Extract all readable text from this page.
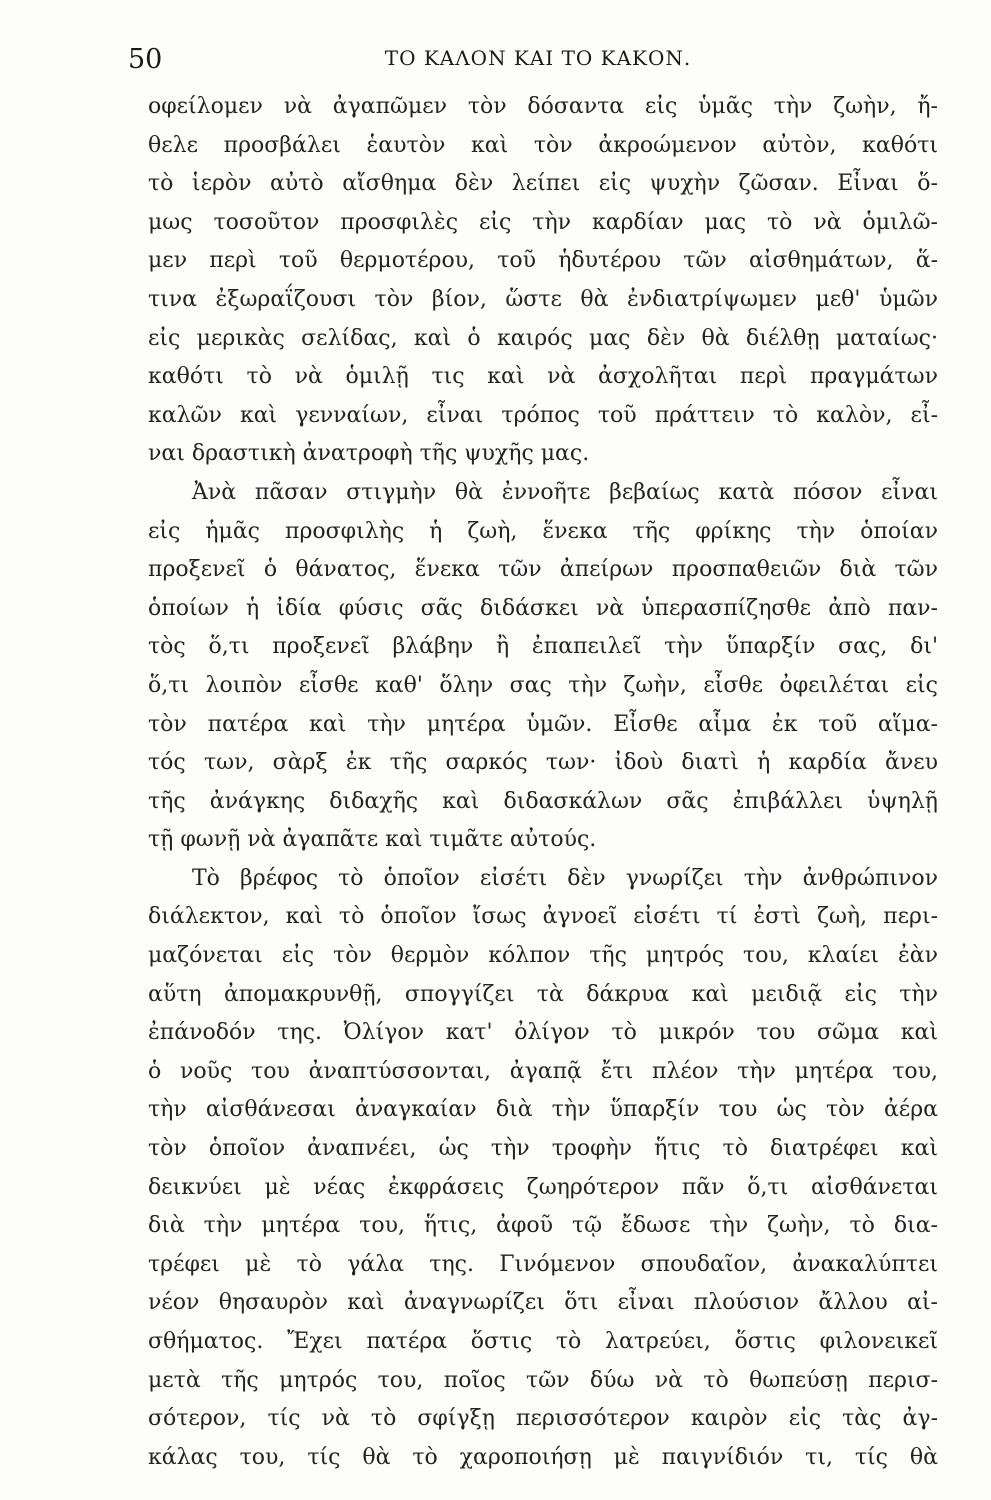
50	ΤΟ ΚΑΛΟΝ ΚΑΙ ΤΟ ΚΑΚΟΝ.
οφείλομεν νὰ ἀγαπῶμεν τὸν δόσαντα εἰς ὑμᾶς τὴν ζωὴν, ἤ-
θελε προσβάλει ἑαυτὸν καὶ τὸν ἀκροώμενον αὐτὸν, καθότι
τὸ ἱερὸν αὐτὸ αἴσθημα δὲν λείπει εἰς ψυχὴν ζῶσαν. Εἶναι ὅ-
μως τοσοῦτον προσφιλὲς εἰς τὴν καρδίαν μας τὸ νὰ ὁμιλῶ-
μεν περὶ τοῦ θερμοτέρου, τοῦ ἡδυτέρου τῶν αἰσθημάτων, ἅ-
τινα ἐξωραΐζουσι τὸν βίον, ὥστε θὰ ἐνδιατρίψωμεν μεθ' ὑμῶν
εἰς μερικὰς σελίδας, καὶ ὁ καιρός μας δὲν θὰ διέλθῃ ματαίως·
καθότι τὸ νὰ ὁμιλῇ τις καὶ νὰ ἀσχολῆται περὶ πραγμάτων
καλῶν καὶ γενναίων, εἶναι τρόπος τοῦ πράττειν τὸ καλὸν, εἶ-
ναι δραστικὴ ἀνατροφὴ τῆς ψυχῆς μας.
Ἀνὰ πᾶσαν στιγμὴν θὰ ἐννοῆτε βεβαίως κατὰ πόσον εἶναι
εἰς ἡμᾶς προσφιλὴς ἡ ζωὴ, ἕνεκα τῆς φρίκης τὴν ὁποίαν
προξενεῖ ὁ θάνατος, ἕνεκα τῶν ἀπείρων προσπαθειῶν διὰ τῶν
ὁποίων ἡ ἰδία φύσις σᾶς διδάσκει νὰ ὑπερασπίζησθε ἀπὸ παν-
τὸς ὅ,τι προξενεῖ βλάβην ἢ ἐπαπειλεῖ τὴν ὕπαρξίν σας, δι'
ὅ,τι λοιπὸν εἶσθε καθ' ὅλην σας τὴν ζωὴν, εἶσθε ὀφειλέται εἰς
τὸν πατέρα καὶ τὴν μητέρα ὑμῶν. Εἶσθε αἷμα ἐκ τοῦ αἵμα-
τός των, σὰρξ ἐκ τῆς σαρκός των· ἰδοὺ διατὶ ἡ καρδία ἄνευ
τῆς ἀνάγκης διδαχῆς καὶ διδασκάλων σᾶς ἐπιβάλλει ὑψηλῇ
τῇ φωνῇ νὰ ἀγαπᾶτε καὶ τιμᾶτε αὐτούς.
Τὸ βρέφος τὸ ὁποῖον εἰσέτι δὲν γνωρίζει τὴν ἀνθρώπινον
διάλεκτον, καὶ τὸ ὁποῖον ἴσως ἀγνοεῖ εἰσέτι τί ἐστὶ ζωὴ, περι-
μαζόνεται εἰς τὸν θερμὸν κόλπον τῆς μητρός του, κλαίει ἐὰν
αὕτη ἀπομακρυνθῇ, σπογγίζει τὰ δάκρυα καὶ μειδιᾷ εἰς τὴν
ἐπάνοδόν της. Ὀλίγον κατ' ὀλίγον τὸ μικρόν του σῶμα καὶ
ὁ νοῦς του ἀναπτύσσονται, ἀγαπᾷ ἔτι πλέον τὴν μητέρα του,
τὴν αἰσθάνεσαι ἀναγκαίαν διὰ τὴν ὕπαρξίν του ὡς τὸν ἀέρα
τὸν ὁποῖον ἀναπνέει, ὡς τὴν τροφὴν ἥτις τὸ διατρέφει καὶ
δεικνύει μὲ νέας ἐκφράσεις ζωηρότερον πᾶν ὅ,τι αἰσθάνεται
διὰ τὴν μητέρα του, ἥτις, ἀφοῦ τῷ ἔδωσε τὴν ζωὴν, τὸ δια-
τρέφει μὲ τὸ γάλα της. Γινόμενον σπουδαῖον, ἀνακαλύπτει
νέον θησαυρὸν καὶ ἀναγνωρίζει ὅτι εἶναι πλούσιον ἄλλου αἰ-
σθήματος. Ἔχει πατέρα ὅστις τὸ λατρεύει, ὅστις φιλονεικεῖ
μετὰ τῆς μητρός του, ποῖος τῶν δύω νὰ τὸ θωπεύσῃ περισ-
σότερον, τίς νὰ τὸ σφίγξῃ περισσότερον καιρὸν εἰς τὰς ἀγ-
κάλας του, τίς θὰ τὸ χαροποιήσῃ μὲ παιγνίδιόν τι, τίς θὰ
